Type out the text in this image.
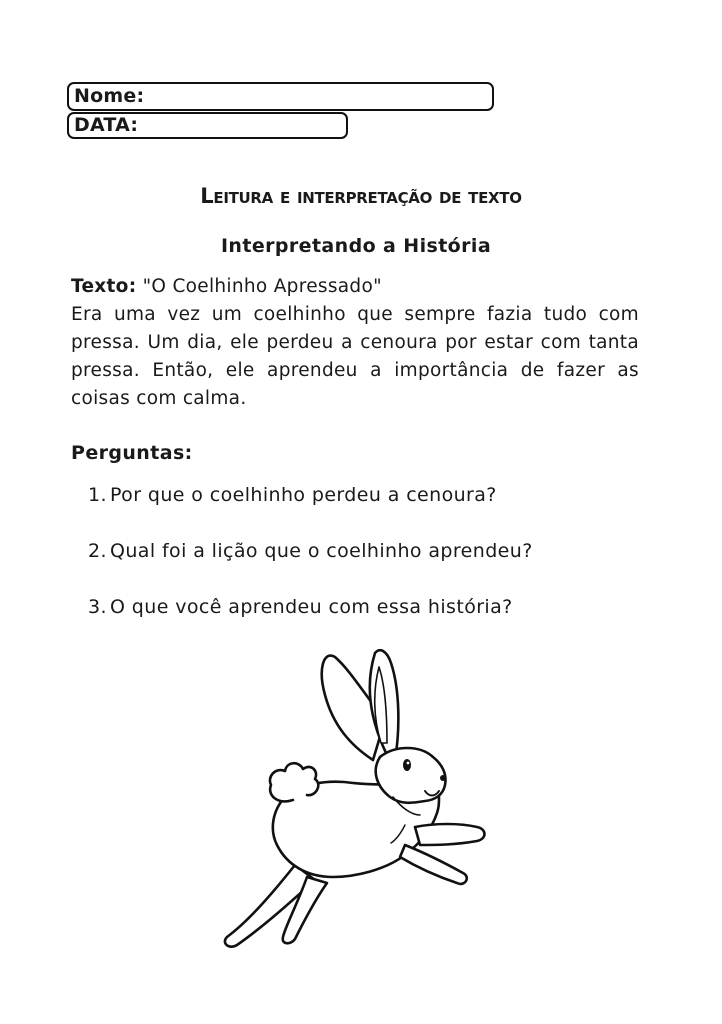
Nome:
DATA:
Leitura e interpretação de texto
Interpretando a História
Texto: "O Coelhinho Apressado"
Era uma vez um coelhinho que sempre fazia tudo com pressa. Um dia, ele perdeu a cenoura por estar com tanta pressa. Então, ele aprendeu a importância de fazer as coisas com calma.
Perguntas:
1. Por que o coelhinho perdeu a cenoura?
2. Qual foi a lição que o coelhinho aprendeu?
3. O que você aprendeu com essa história?
